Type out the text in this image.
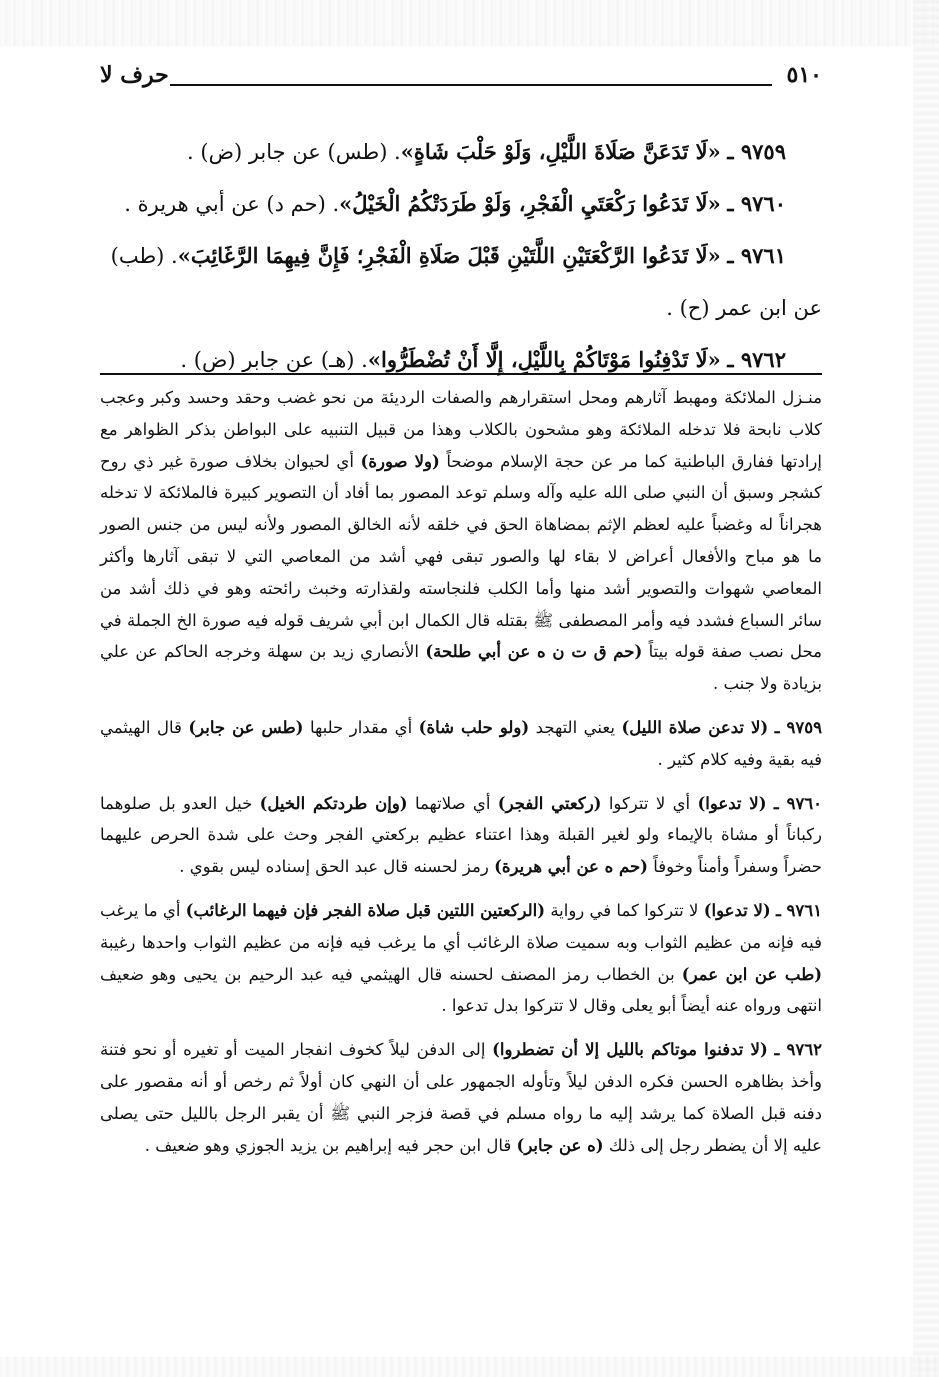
٥١٠
حرف لا

٩٧٥٩ ـ «لَا تَدَعَنَّ صَلَاةَ اللَّيْلِ، وَلَوْ حَلْبَ شَاةٍ». (طس) عن جابر (ض) .

٩٧٦٠ ـ «لَا تَدَعُوا رَكْعَتَيِ الْفَجْرِ، وَلَوْ طَرَدَتْكُمُ الْخَيْلُ». (حم د) عن أبي هريرة .

٩٧٦١ ـ «لَا تَدَعُوا الرَّكْعَتَيْنِ اللَّتَيْنِ قَبْلَ صَلَاةِ الْفَجْرِ؛ فَإِنَّ فِيهِمَا الرَّغَائِبَ». (طب)

عن ابن عمر (ح) .

٩٧٦٢ ـ «لَا تَدْفِنُوا مَوْتَاكُمْ بِاللَّيْلِ، إِلَّا أَنْ تُضْطَرُّوا». (هـ) عن جابر (ض) .

منـزل الملائكة ومهبط آثارهم ومحل استقرارهم والصفات الرديئة من نحو غضب وحقد وحسد وكبر وعجب كلاب نابحة فلا تدخله الملائكة وهو مشحون بالكلاب وهذا من قبيل التنبيه على البواطن بذكر الظواهر مع إرادتها ففارق الباطنية كما مر عن حجة الإسلام موضحاً (ولا صورة) أي لحيوان بخلاف صورة غير ذي روح كشجر وسبق أن النبي صلى الله عليه وآله وسلم توعد المصور بما أفاد أن التصوير كبيرة فالملائكة لا تدخله هجراناً له وغضباً عليه لعظم الإثم بمضاهاة الحق في خلقه لأنه الخالق المصور ولأنه ليس من جنس الصور ما هو مباح والأفعال أعراض لا بقاء لها والصور تبقى فهي أشد من المعاصي التي لا تبقى آثارها وأكثر المعاصي شهوات والتصوير أشد منها وأما الكلب فلنجاسته ولقذارته وخبث رائحته وهو في ذلك أشد من سائر السباع فشدد فيه وأمر المصطفى ﷺ بقتله قال الكمال ابن أبي شريف قوله فيه صورة الخ الجملة في محل نصب صفة قوله بيتاً (حم ق ت ن ه عن أبي طلحة) الأنصاري زيد بن سهلة وخرجه الحاكم عن علي بزيادة ولا جنب .

٩٧٥٩ ـ (لا تدعن صلاة الليل) يعني التهجد (ولو حلب شاة) أي مقدار حلبها (طس عن جابر) قال الهيثمي فيه بقية وفيه كلام كثير .

٩٧٦٠ ـ (لا تدعوا) أي لا تتركوا (ركعتي الفجر) أي صلاتهما (وإن طردتكم الخيل) خيل العدو بل صلوهما ركباناً أو مشاة بالإيماء ولو لغير القبلة وهذا اعتناء عظيم بركعتي الفجر وحث على شدة الحرص عليهما حضراً وسفراً وأمناً وخوفاً (حم ه عن أبي هريرة) رمز لحسنه قال عبد الحق إسناده ليس بقوي .

٩٧٦١ ـ (لا تدعوا) لا تتركوا كما في رواية (الركعتين اللتين قبل صلاة الفجر فإن فيهما الرغائب) أي ما يرغب فيه فإنه من عظيم الثواب وبه سميت صلاة الرغائب أي ما يرغب فيه فإنه من عظيم الثواب واحدها رغيبة (طب عن ابن عمر) بن الخطاب رمز المصنف لحسنه قال الهيثمي فيه عبد الرحيم بن يحيى وهو ضعيف انتهى ورواه عنه أيضاً أبو يعلى وقال لا تتركوا بدل تدعوا .

٩٧٦٢ ـ (لا تدفنوا موتاكم بالليل إلا أن تضطروا) إلى الدفن ليلاً كخوف انفجار الميت أو تغيره أو نحو فتنة وأخذ بظاهره الحسن فكره الدفن ليلاً وتأوله الجمهور على أن النهي كان أولاً ثم رخص أو أنه مقصور على دفنه قبل الصلاة كما يرشد إليه ما رواه مسلم في قصة فزجر النبي ﷺ أن يقبر الرجل بالليل حتى يصلى عليه إلا أن يضطر رجل إلى ذلك (ه عن جابر) قال ابن حجر فيه إبراهيم بن يزيد الجوزي وهو ضعيف .
